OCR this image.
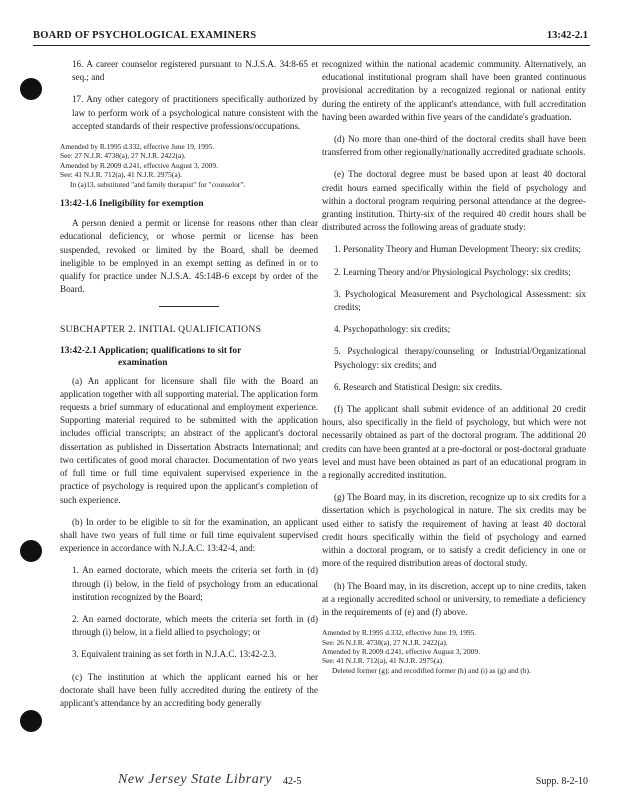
BOARD OF PSYCHOLOGICAL EXAMINERS	13:42-2.1

16. A career counselor registered pursuant to N.J.S.A. 34:8-65 et seq.; and

17. Any other category of practitioners specifically authorized by law to perform work of a psychological nature consistent with the accepted standards of their respective professions/occupations.

Amended by R.1995 d.332, effective June 19, 1995.
See: 27 N.J.R. 4738(a), 27 N.J.R. 2422(a).
Amended by R.2009 d.241, effective August 3, 2009.
See: 41 N.J.R. 712(a), 41 N.J.R. 2975(a).
In (a)13, substituted "and family therapist" for "counselor".
13:42-1.6 Ineligibility for exemption

A person denied a permit or license for reasons other than clear educational deficiency, or whose permit or license has been suspended, revoked or limited by the Board, shall be deemed ineligible to be employed in an exempt setting as defined in or to qualify for practice under N.J.S.A. 45:14B-6 except by order of the Board.

SUBCHAPTER 2. INITIAL QUALIFICATIONS
13:42-2.1 Application; qualifications to sit for
examination

(a) An applicant for licensure shall file with the Board an application together with all supporting material. The application form requests a brief summary of educational and employment experience. Supporting material required to be submitted with the application includes official transcripts; an abstract of the applicant's doctoral dissertation as published in Dissertation Abstracts International; and two certificates of good moral character. Documentation of two years of full time or full time equivalent supervised experience in the practice of psychology is required upon the applicant's completion of such experience.

(b) In order to be eligible to sit for the examination, an applicant shall have two years of full time or full time equivalent supervised experience in accordance with N.J.A.C. 13:42-4, and:

1. An earned doctorate, which meets the criteria set forth in (d) through (i) below, in the field of psychology from an educational institution recognized by the Board;

2. An earned doctorate, which meets the criteria set forth in (d) through (i) below, in a field allied to psychology; or

3. Equivalent training as set forth in N.J.A.C. 13:42-2.3.

(c) The institution at which the applicant earned his or her doctorate shall have been fully accredited during the entirety of the applicant's attendance by an accrediting body generally

recognized within the national academic community. Alternatively, an educational institutional program shall have been granted continuous provisional accreditation by a recognized regional or national entity during the entirety of the applicant's attendance, with full accreditation having been awarded within five years of the candidate's graduation.

(d) No more than one-third of the doctoral credits shall have been transferred from other regionally/nationally accredited graduate schools.

(e) The doctoral degree must be based upon at least 40 doctoral credit hours earned specifically within the field of psychology and within a doctoral program requiring personal attendance at the degree-granting institution. Thirty-six of the required 40 credit hours shall be distributed across the following areas of graduate study:

1. Personality Theory and Human Development Theory: six credits;

2. Learning Theory and/or Physiological Psychology: six credits;

3. Psychological Measurement and Psychological Assessment: six credits;

4. Psychopathology: six credits;

5. Psychological therapy/counseling or Industrial/Organizational Psychology: six credits; and

6. Research and Statistical Design: six credits.

(f) The applicant shall submit evidence of an additional 20 credit hours, also specifically in the field of psychology, but which were not necessarily obtained as part of the doctoral program. The additional 20 credits can have been granted at a pre-doctoral or post-doctoral graduate level and must have been obtained as part of an educational program in a regionally accredited institution.

(g) The Board may, in its discretion, recognize up to six credits for a dissertation which is psychological in nature. The six credits may be used either to satisfy the requirement of having at least 40 doctoral credit hours specifically within the field of psychology and earned within a doctoral program, or to satisfy a credit deficiency in one or more of the required distribution areas of doctoral study.

(h) The Board may, in its discretion, accept up to nine credits, taken at a regionally accredited school or university, to remediate a deficiency in the requirements of (e) and (f) above.

Amended by R.1995 d.332, effective June 19, 1995.
See: 26 N.J.R. 4738(a), 27 N.J.R. 2422(a).
Amended by R.2009 d.241, effective August 3, 2009.
See: 41 N.J.R. 712(a), 41 N.J.R. 2975(a).
Deleted former (g); and recodified former (h) and (i) as (g) and (h).
New Jersey State Library 42-5	Supp. 8-2-10
